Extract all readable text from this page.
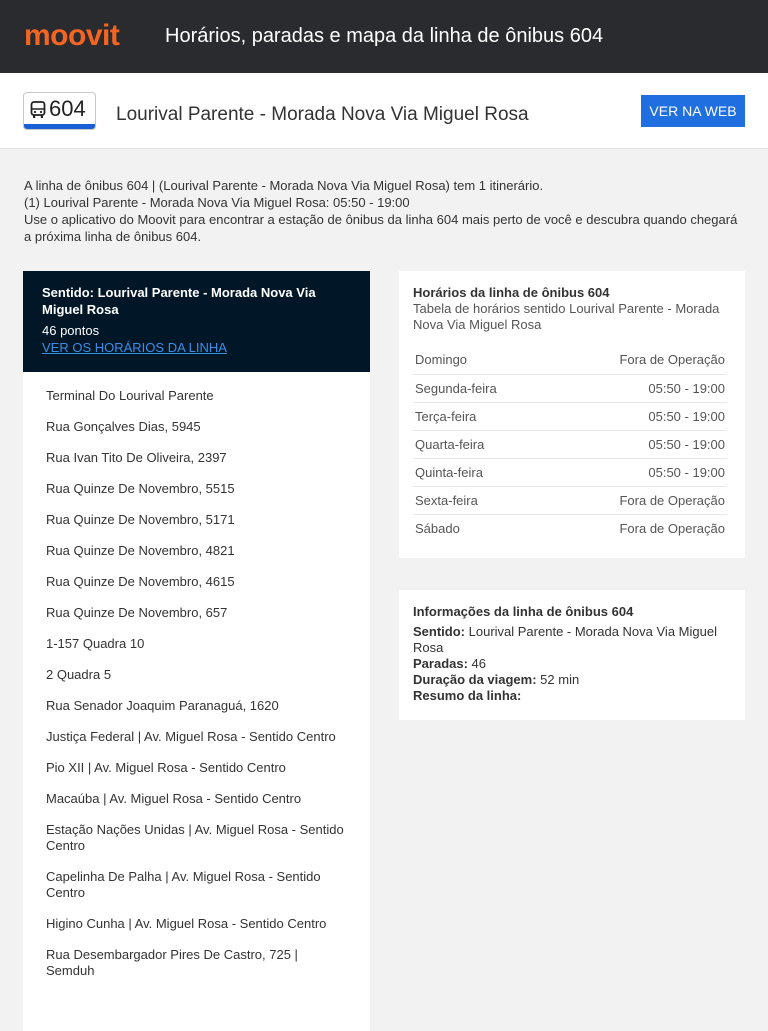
moovit Horários, paradas e mapa da linha de ônibus 604
604 Lourival Parente - Morada Nova Via Miguel Rosa	VER NA WEB
A linha de ônibus 604 | (Lourival Parente - Morada Nova Via Miguel Rosa) tem 1 itinerário.
(1) Lourival Parente - Morada Nova Via Miguel Rosa: 05:50 - 19:00
Use o aplicativo do Moovit para encontrar a estação de ônibus da linha 604 mais perto de você e descubra quando chegará a próxima linha de ônibus 604.
Sentido: Lourival Parente - Morada Nova Via Miguel Rosa
46 pontos
VER OS HORÁRIOS DA LINHA
Terminal Do Lourival Parente
Rua Gonçalves Dias, 5945
Rua Ivan Tito De Oliveira, 2397
Rua Quinze De Novembro, 5515
Rua Quinze De Novembro, 5171
Rua Quinze De Novembro, 4821
Rua Quinze De Novembro, 4615
Rua Quinze De Novembro, 657
1-157 Quadra 10
2 Quadra 5
Rua Senador Joaquim Paranaguá, 1620
Justiça Federal | Av. Miguel Rosa - Sentido Centro
Pio XII | Av. Miguel Rosa - Sentido Centro
Macaúba | Av. Miguel Rosa - Sentido Centro
Estação Nações Unidas | Av. Miguel Rosa - Sentido Centro
Capelinha De Palha | Av. Miguel Rosa - Sentido Centro
Higino Cunha | Av. Miguel Rosa - Sentido Centro
Rua Desembargador Pires De Castro, 725 | Semduh
Horários da linha de ônibus 604
Tabela de horários sentido Lourival Parente - Morada Nova Via Miguel Rosa
Domingo	Fora de Operação
Segunda-feira	05:50 - 19:00
Terça-feira	05:50 - 19:00
Quarta-feira	05:50 - 19:00
Quinta-feira	05:50 - 19:00
Sexta-feira	Fora de Operação
Sábado	Fora de Operação
Informações da linha de ônibus 604
Sentido: Lourival Parente - Morada Nova Via Miguel Rosa
Paradas: 46
Duração da viagem: 52 min
Resumo da linha:
